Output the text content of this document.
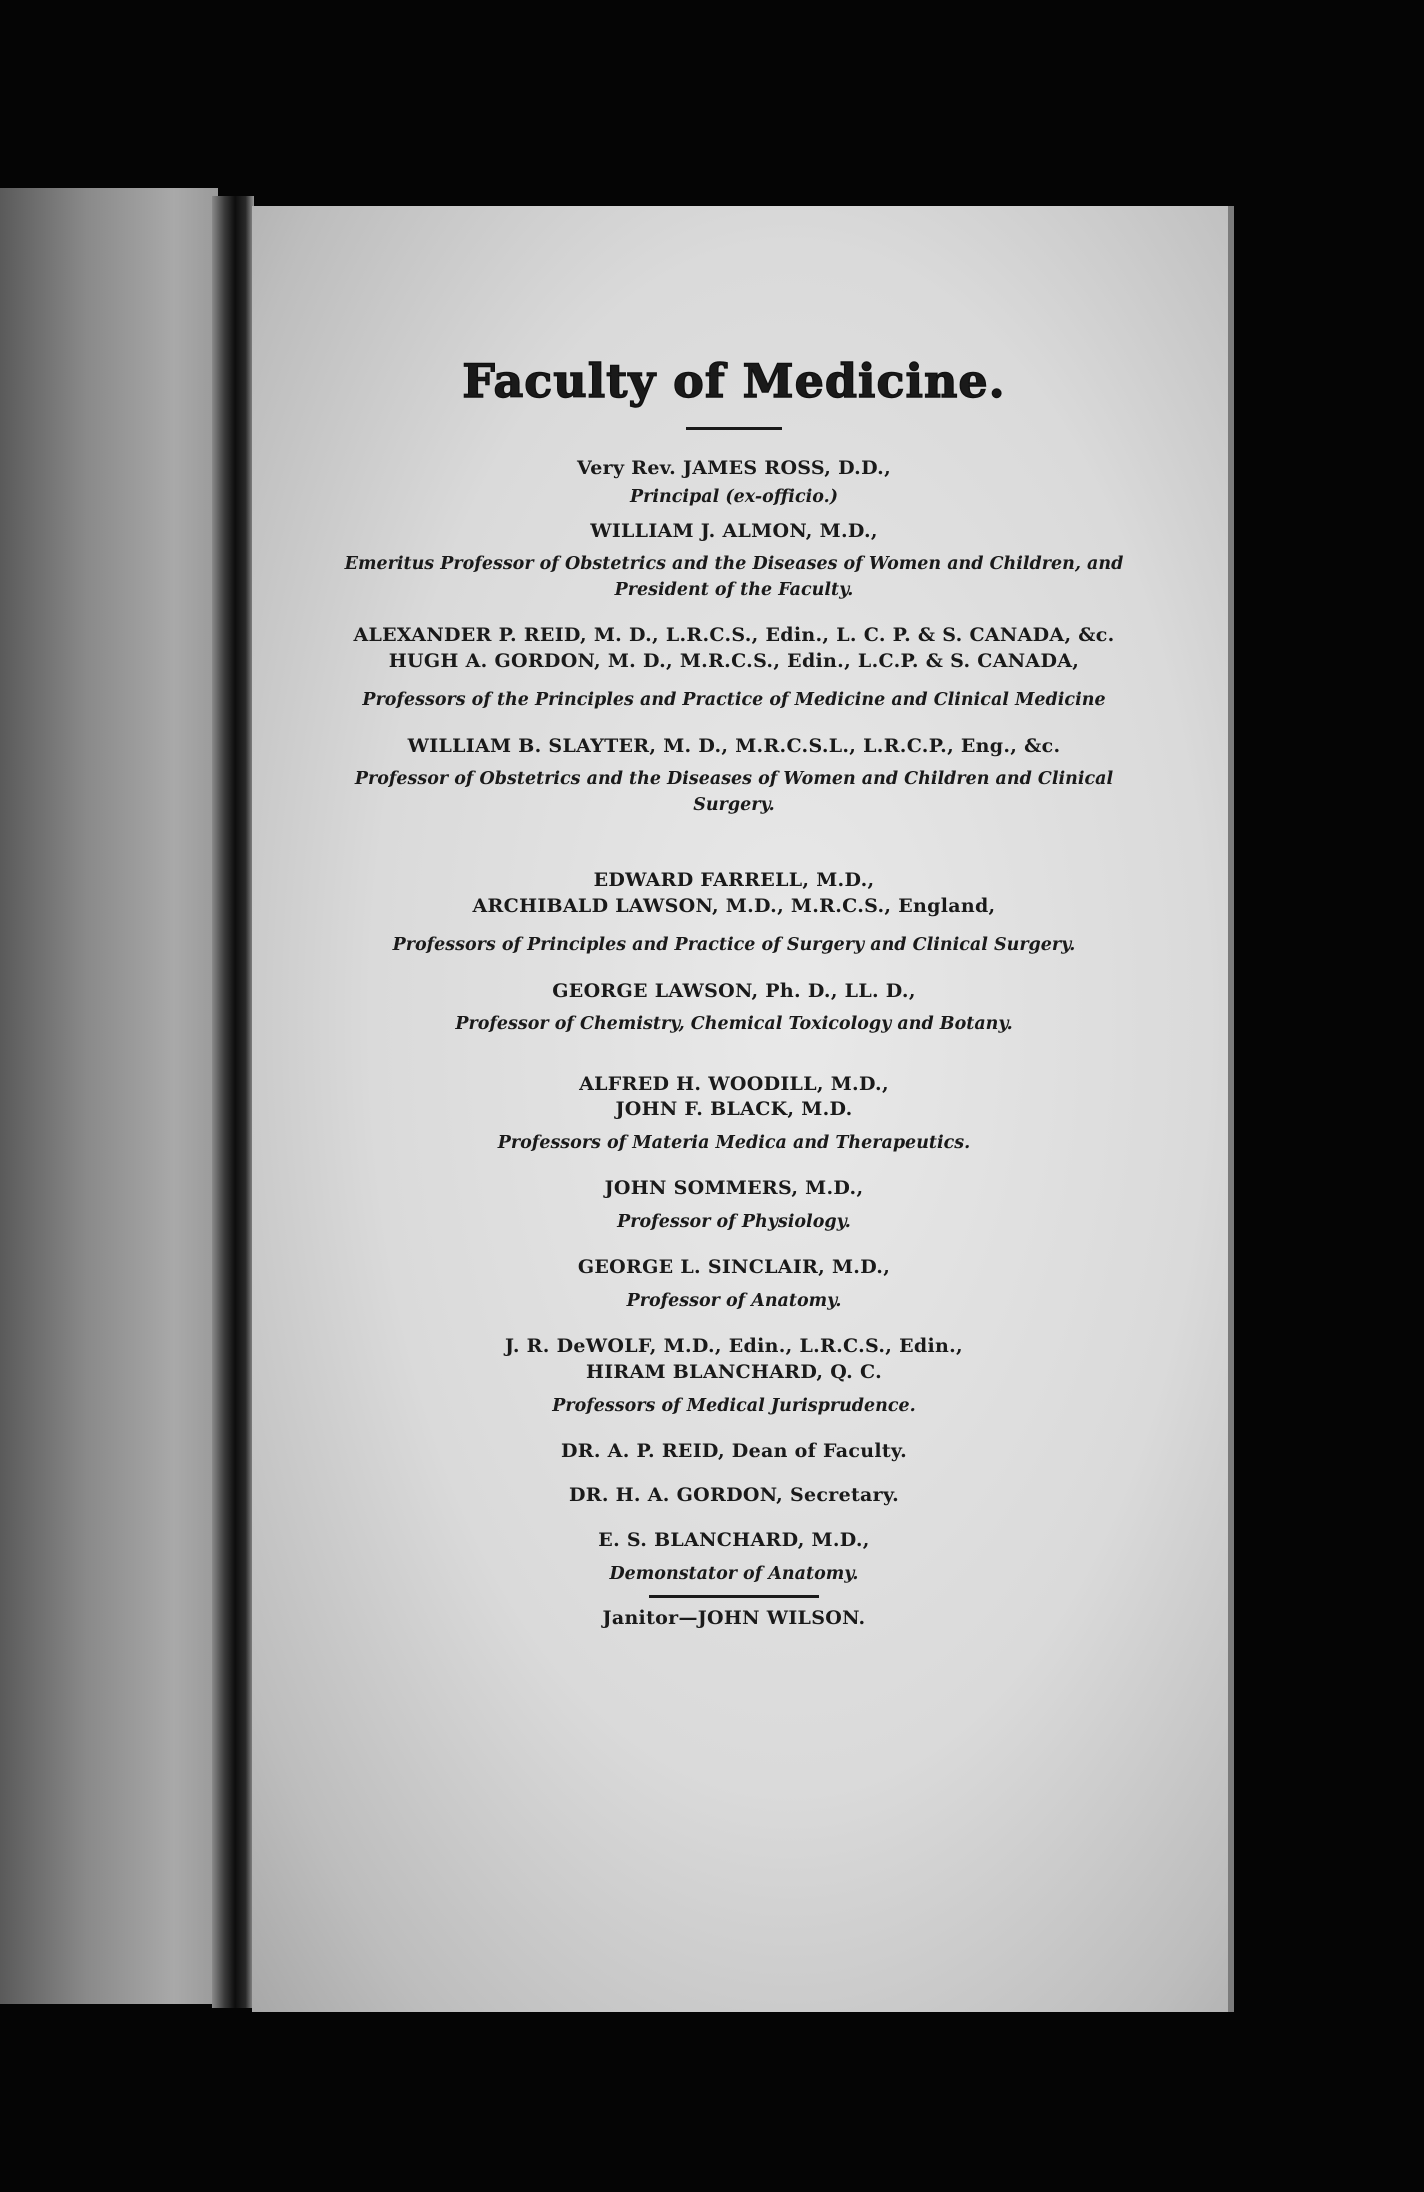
Faculty of Medicine.

Very Rev. JAMES ROSS, D.D.,

Principal (ex-officio.)

WILLIAM J. ALMON, M.D.,

Emeritus Professor of Obstetrics and the Diseases of Women and Children, and President of the Faculty.

ALEXANDER P. REID, M. D., L.R.C.S., Edin., L. C. P. & S. CANADA, &c.

HUGH A. GORDON, M. D., M.R.C.S., Edin., L.C.P. & S. CANADA,

Professors of the Principles and Practice of Medicine and Clinical Medicine

WILLIAM B. SLAYTER, M. D., M.R.C.S.L., L.R.C.P., Eng., &c.

Professor of Obstetrics and the Diseases of Women and Children and Clinical Surgery.

EDWARD FARRELL, M.D.,

ARCHIBALD LAWSON, M.D., M.R.C.S., England,

Professors of Principles and Practice of Surgery and Clinical Surgery.

GEORGE LAWSON, Ph. D., LL. D.,

Professor of Chemistry, Chemical Toxicology and Botany.

ALFRED H. WOODILL, M.D.,

JOHN F. BLACK, M.D.

Professors of Materia Medica and Therapeutics.

JOHN SOMMERS, M.D.,

Professor of Physiology.

GEORGE L. SINCLAIR, M.D.,

Professor of Anatomy.

J. R. DeWOLF, M.D., Edin., L.R.C.S., Edin.,

HIRAM BLANCHARD, Q. C.

Professors of Medical Jurisprudence.

DR. A. P. REID, Dean of Faculty.

DR. H. A. GORDON, Secretary.

E. S. BLANCHARD, M.D.,

Demonstator of Anatomy.

Janitor—JOHN WILSON.
